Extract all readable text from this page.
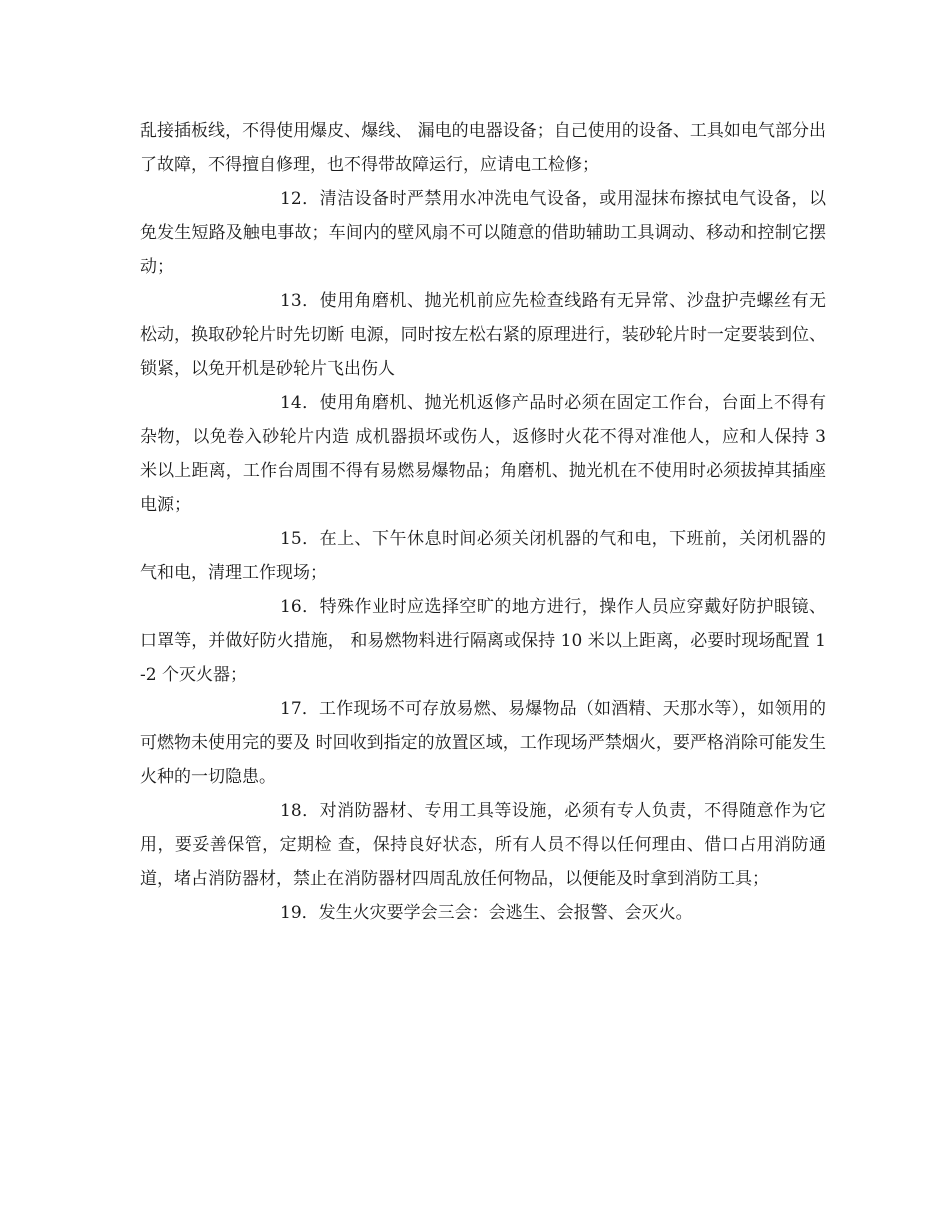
乱接插板线，不得使用爆皮、爆线、 漏电的电器设备；自己使用的设备、工具如电气部分出了故障，不得擅自修理，也不得带故障运行，应请电工检修；

12．清洁设备时严禁用水冲洗电气设备，或用湿抹布擦拭电气设备，以免发生短路及触电事故；车间内的壁风扇不可以随意的借助辅助工具调动、移动和控制它摆动；

13．使用角磨机、抛光机前应先检查线路有无异常、沙盘护壳螺丝有无松动，换取砂轮片时先切断 电源，同时按左松右紧的原理进行，装砂轮片时一定要装到位、锁紧，以免开机是砂轮片飞出伤人

14．使用角磨机、抛光机返修产品时必须在固定工作台，台面上不得有杂物，以免卷入砂轮片内造 成机器损坏或伤人，返修时火花不得对准他人，应和人保持 3 米以上距离，工作台周围不得有易燃易爆物品；角磨机、抛光机在不使用时必须拔掉其插座电源；

15．在上、下午休息时间必须关闭机器的气和电，下班前，关闭机器的气和电，清理工作现场；

16．特殊作业时应选择空旷的地方进行，操作人员应穿戴好防护眼镜、口罩等，并做好防火措施， 和易燃物料进行隔离或保持 10 米以上距离，必要时现场配置 1-2 个灭火器；

17．工作现场不可存放易燃、易爆物品（如酒精、天那水等），如领用的可燃物未使用完的要及 时回收到指定的放置区域，工作现场严禁烟火，要严格消除可能发生火种的一切隐患。

18．对消防器材、专用工具等设施，必须有专人负责，不得随意作为它用，要妥善保管，定期检 查，保持良好状态，所有人员不得以任何理由、借口占用消防通道，堵占消防器材，禁止在消防器材四周乱放任何物品，以便能及时拿到消防工具；

19．发生火灾要学会三会：会逃生、会报警、会灭火。
